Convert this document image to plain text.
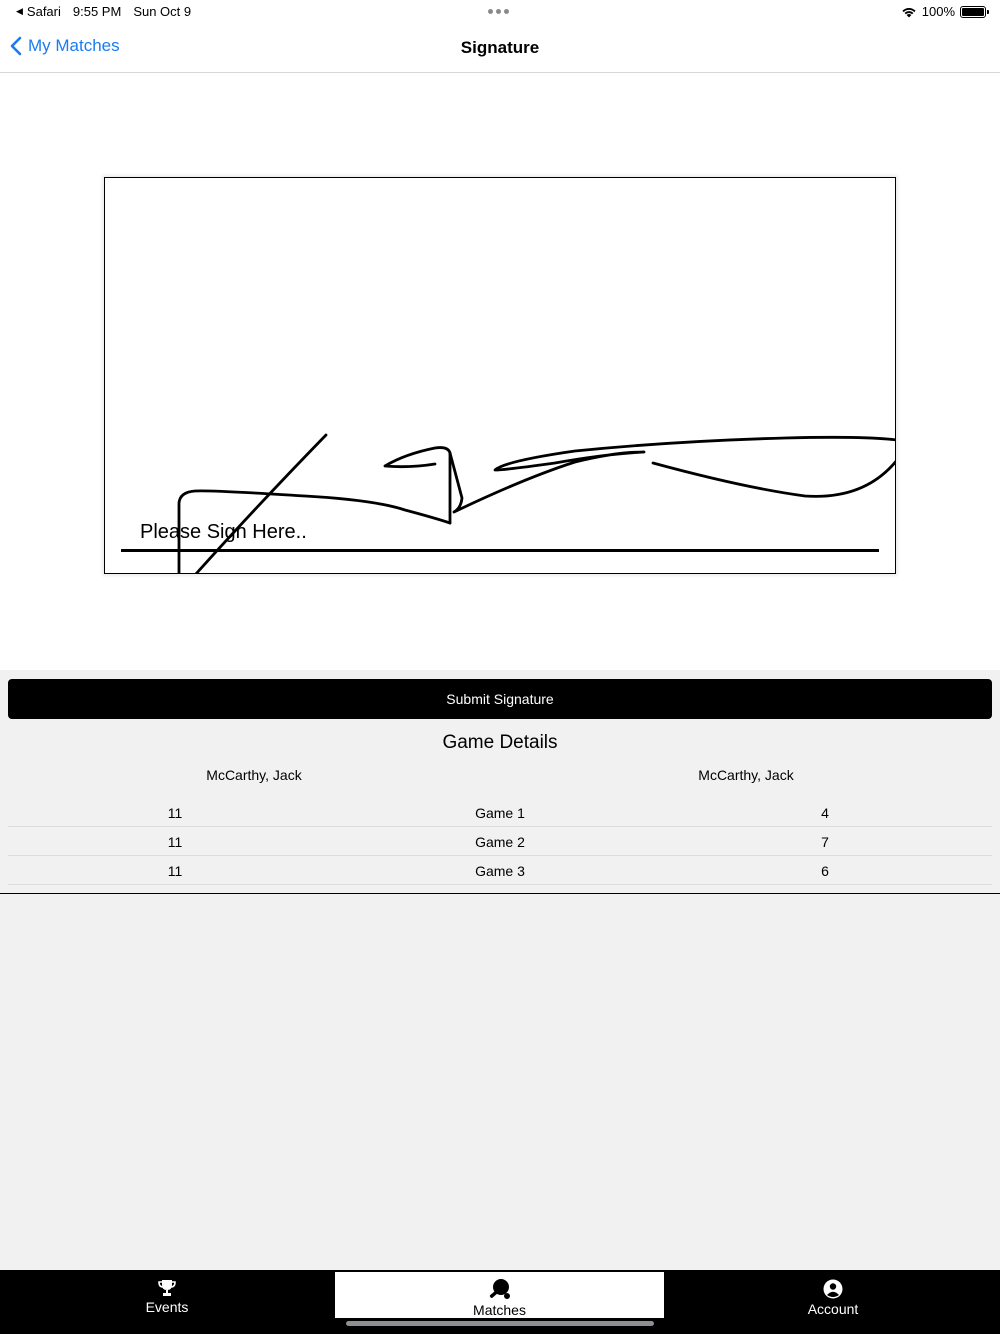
◀ Safari 9:55 PM Sun Oct 9	100%
My Matches	Signature
Please Sign Here..
Submit Signature
Game Details
McCarthy, Jack	McCarthy, Jack
11	Game 1	4
11	Game 2	7
11	Game 3	6
Events	Matches	Account
